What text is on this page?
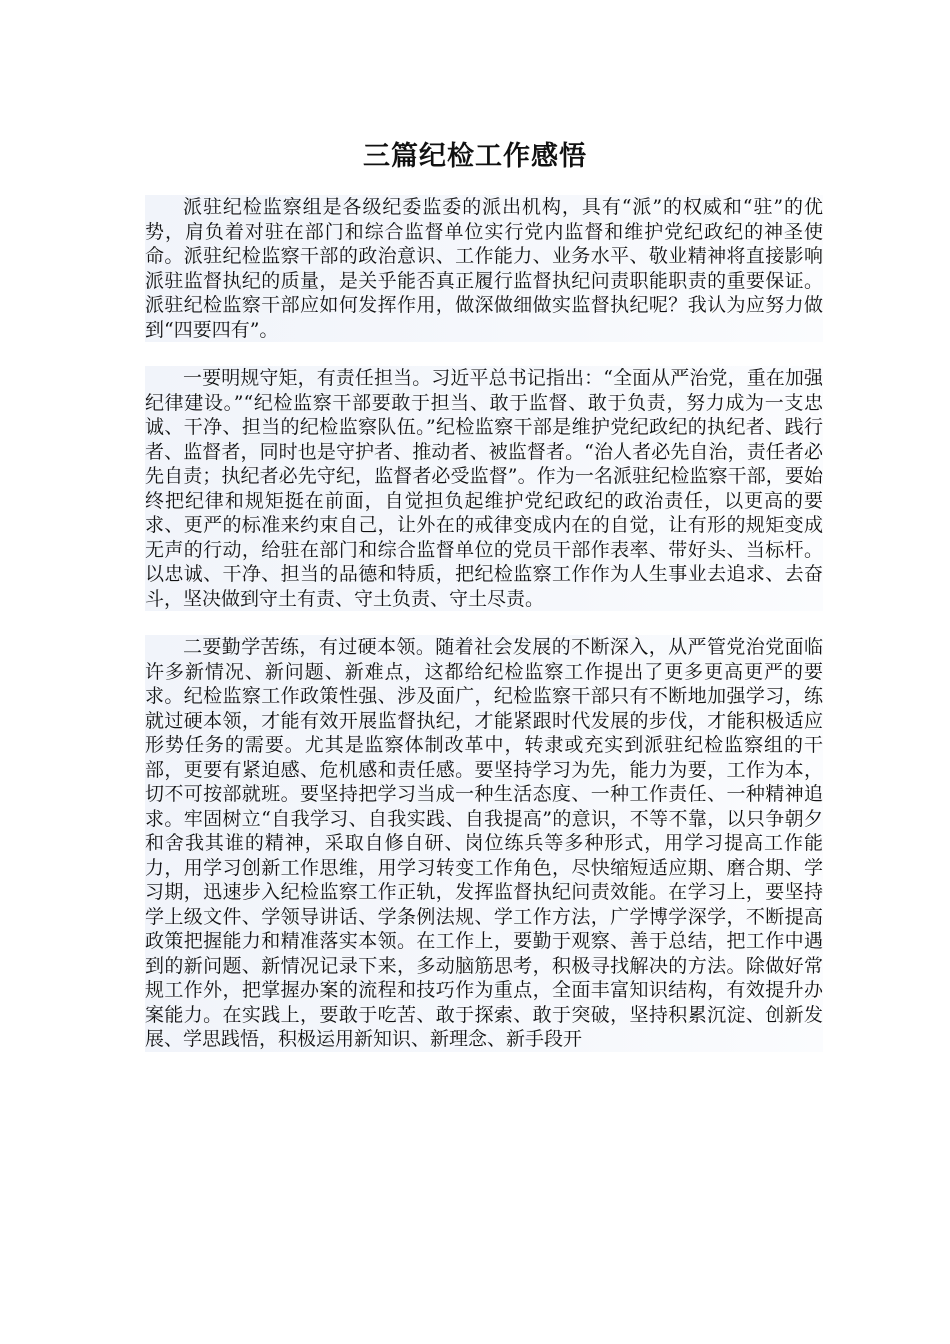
三篇纪检工作感悟

派驻纪检监察组是各级纪委监委的派出机构，具有“派”的权威和“驻”的优势，肩负着对驻在部门和综合监督单位实行党内监督和维护党纪政纪的神圣使命。派驻纪检监察干部的政治意识、工作能力、业务水平、敬业精神将直接影响派驻监督执纪的质量，是关乎能否真正履行监督执纪问责职能职责的重要保证。派驻纪检监察干部应如何发挥作用，做深做细做实监督执纪呢？我认为应努力做到“四要四有”。

一要明规守矩，有责任担当。习近平总书记指出：“全面从严治党，重在加强纪律建设。”“纪检监察干部要敢于担当、敢于监督、敢于负责，努力成为一支忠诚、干净、担当的纪检监察队伍。”纪检监察干部是维护党纪政纪的执纪者、践行者、监督者，同时也是守护者、推动者、被监督者。“治人者必先自治，责任者必先自责；执纪者必先守纪，监督者必受监督”。作为一名派驻纪检监察干部，要始终把纪律和规矩挺在前面，自觉担负起维护党纪政纪的政治责任，以更高的要求、更严的标准来约束自己，让外在的戒律变成内在的自觉，让有形的规矩变成无声的行动，给驻在部门和综合监督单位的党员干部作表率、带好头、当标杆。以忠诚、干净、担当的品德和特质，把纪检监察工作作为人生事业去追求、去奋斗，坚决做到守土有责、守土负责、守土尽责。

二要勤学苦练，有过硬本领。随着社会发展的不断深入，从严管党治党面临许多新情况、新问题、新难点，这都给纪检监察工作提出了更多更高更严的要求。纪检监察工作政策性强、涉及面广，纪检监察干部只有不断地加强学习，练就过硬本领，才能有效开展监督执纪，才能紧跟时代发展的步伐，才能积极适应形势任务的需要。尤其是监察体制改革中，转隶或充实到派驻纪检监察组的干部，更要有紧迫感、危机感和责任感。要坚持学习为先，能力为要，工作为本，切不可按部就班。要坚持把学习当成一种生活态度、一种工作责任、一种精神追求。牢固树立“自我学习、自我实践、自我提高”的意识，不等不靠，以只争朝夕和舍我其谁的精神，采取自修自研、岗位练兵等多种形式，用学习提高工作能力，用学习创新工作思维，用学习转变工作角色，尽快缩短适应期、磨合期、学习期，迅速步入纪检监察工作正轨，发挥监督执纪问责效能。在学习上，要坚持学上级文件、学领导讲话、学条例法规、学工作方法，广学博学深学，不断提高政策把握能力和精准落实本领。在工作上，要勤于观察、善于总结，把工作中遇到的新问题、新情况记录下来，多动脑筋思考，积极寻找解决的方法。除做好常规工作外，把掌握办案的流程和技巧作为重点，全面丰富知识结构，有效提升办案能力。在实践上，要敢于吃苦、敢于探索、敢于突破，坚持积累沉淀、创新发展、学思践悟，积极运用新知识、新理念、新手段开
